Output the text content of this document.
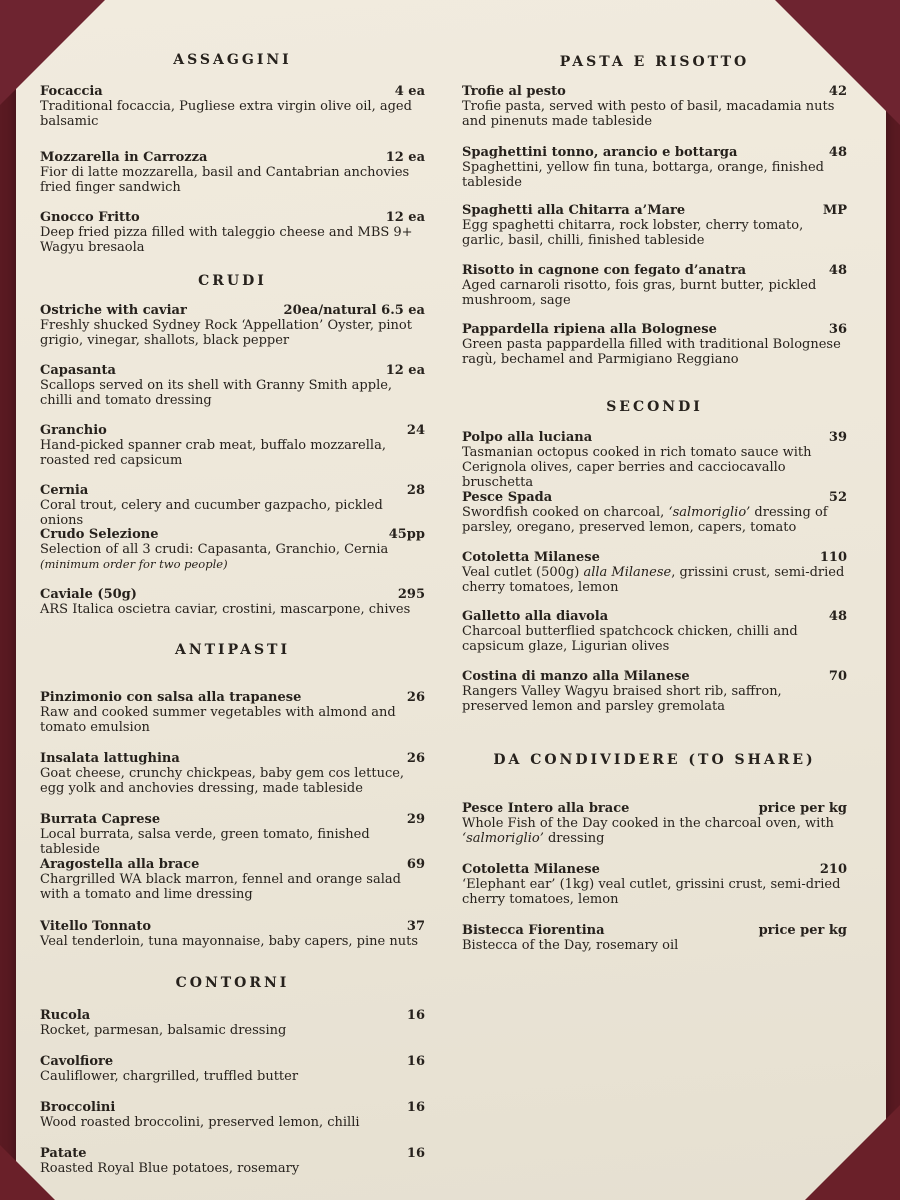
ASSAGGINI
Focaccia	4 ea
Traditional focaccia, Pugliese extra virgin olive oil, aged balsamic
Mozzarella in Carrozza	12 ea
Fior di latte mozzarella, basil and Cantabrian anchovies fried finger sandwich
Gnocco Fritto	12 ea
Deep fried pizza filled with taleggio cheese and MBS 9+ Wagyu bresaola
CRUDI
Ostriche with caviar	20ea/natural 6.5 ea
Freshly shucked Sydney Rock ‘Appellation’ Oyster, pinot grigio, vinegar, shallots, black pepper
Capasanta	12 ea
Scallops served on its shell with Granny Smith apple, chilli and tomato dressing
Granchio	24
Hand-picked spanner crab meat, buffalo mozzarella, roasted red capsicum
Cernia	28
Coral trout, celery and cucumber gazpacho, pickled onions
Crudo Selezione	45pp
Selection of all 3 crudi: Capasanta, Granchio, Cernia
(minimum order for two people)
Caviale (50g)	295
ARS Italica oscietra caviar, crostini, mascarpone, chives
ANTIPASTI
Pinzimonio con salsa alla trapanese	26
Raw and cooked summer vegetables with almond and tomato emulsion
Insalata lattughina	26
Goat cheese, crunchy chickpeas, baby gem cos lettuce, egg yolk and anchovies dressing, made tableside
Burrata Caprese	29
Local burrata, salsa verde, green tomato, finished tableside
Aragostella alla brace	69
Chargrilled WA black marron, fennel and orange salad with a tomato and lime dressing
Vitello Tonnato	37
Veal tenderloin, tuna mayonnaise, baby capers, pine nuts
CONTORNI
Rucola	16
Rocket, parmesan, balsamic dressing
Cavolfiore	16
Cauliflower, chargrilled, truffled butter
Broccolini	16
Wood roasted broccolini, preserved lemon, chilli
Patate	16
Roasted Royal Blue potatoes, rosemary
PASTA E RISOTTO
Trofie al pesto	42
Trofie pasta, served with pesto of basil, macadamia nuts and pinenuts made tableside
Spaghettini tonno, arancio e bottarga	48
Spaghettini, yellow fin tuna, bottarga, orange, finished tableside
Spaghetti alla Chitarra a’Mare	MP
Egg spaghetti chitarra, rock lobster, cherry tomato, garlic, basil, chilli, finished tableside
Risotto in cagnone con fegato d’anatra	48
Aged carnaroli risotto, fois gras, burnt butter, pickled mushroom, sage
Pappardella ripiena alla Bolognese	36
Green pasta pappardella filled with traditional Bolognese ragù, bechamel and Parmigiano Reggiano
SECONDI
Polpo alla luciana	39
Tasmanian octopus cooked in rich tomato sauce with Cerignola olives, caper berries and cacciocavallo bruschetta
Pesce Spada	52
Swordfish cooked on charcoal, ‘salmoriglio’ dressing of parsley, oregano, preserved lemon, capers, tomato
Cotoletta Milanese	110
Veal cutlet (500g) alla Milanese, grissini crust, semi-dried cherry tomatoes, lemon
Galletto alla diavola	48
Charcoal butterflied spatchcock chicken, chilli and capsicum glaze, Ligurian olives
Costina di manzo alla Milanese	70
Rangers Valley Wagyu braised short rib, saffron, preserved lemon and parsley gremolata
DA CONDIVIDERE (TO SHARE)
Pesce Intero alla brace	price per kg
Whole Fish of the Day cooked in the charcoal oven, with ‘salmoriglio’ dressing
Cotoletta Milanese	210
‘Elephant ear’ (1kg) veal cutlet, grissini crust, semi-dried cherry tomatoes, lemon
Bistecca Fiorentina	price per kg
Bistecca of the Day, rosemary oil
